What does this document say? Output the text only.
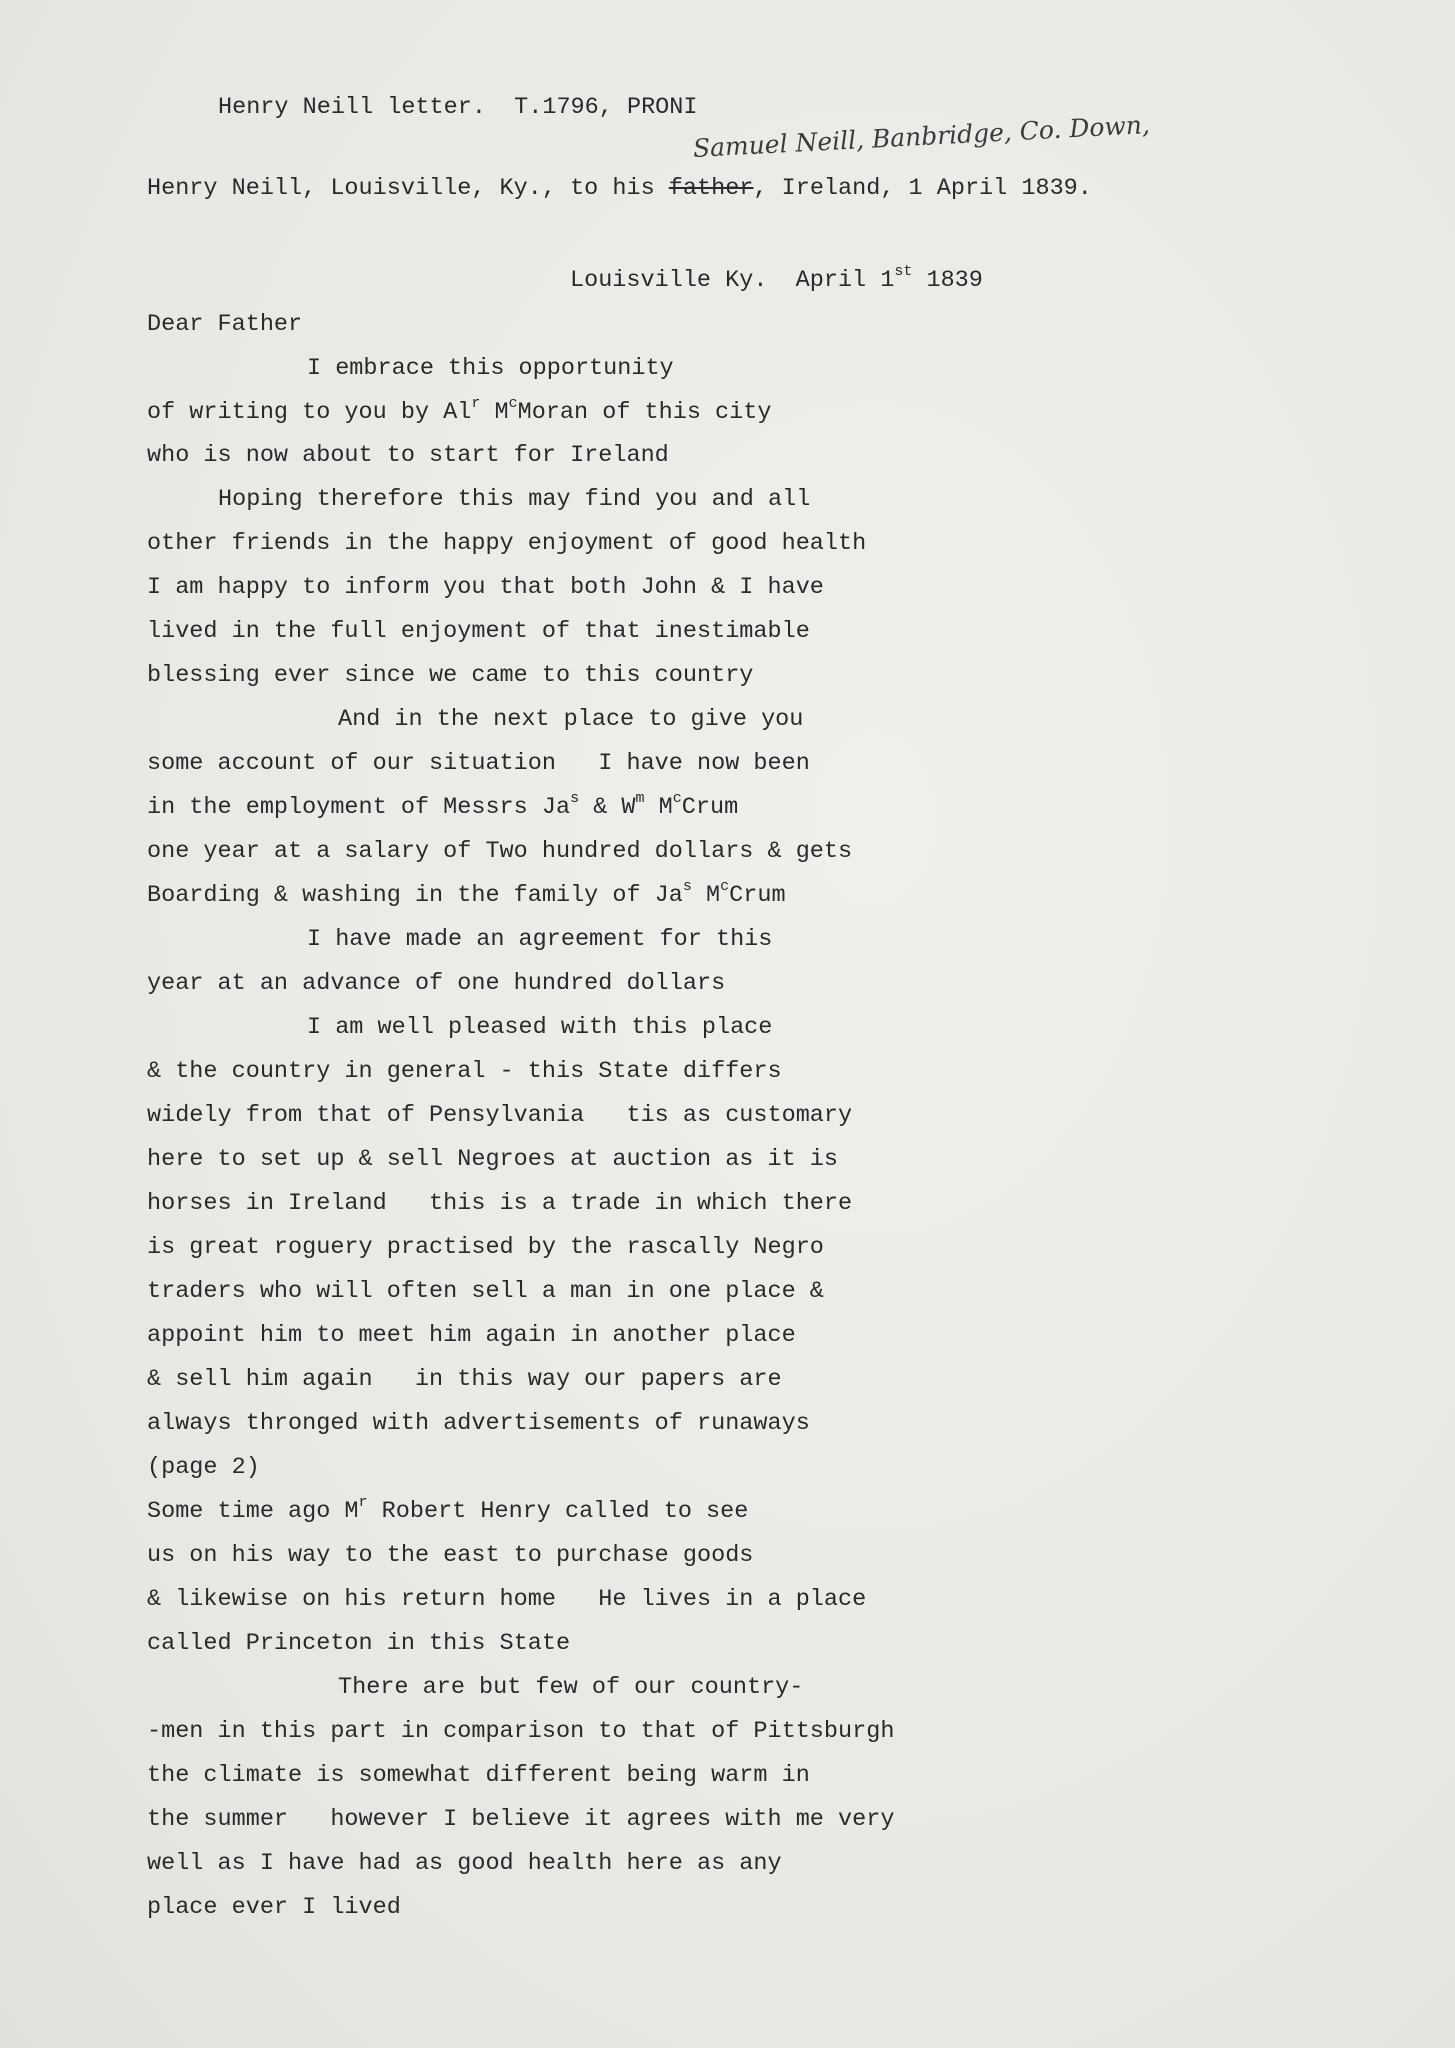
Henry Neill letter.  T.1796, PRONI
Samuel Neill, Banbridge, Co. Down,
Henry Neill, Louisville, Ky., to his father, Ireland, 1 April 1839.
Louisville Ky.  April 1st 1839
Dear Father
I embrace this opportunity
of writing to you by Al$^r$ $M^cMoran$ of this city
who is now about to start for Ireland
Hoping therefore this may find you and all
other friends in the happy enjoyment of good health
I am happy to inform you that both John & I have
lived in the full enjoyment of that inestimable
blessing ever since we came to this country
And in the next place to give you
some account of our situation   I have now been
in the employment of Messrs Ja$^s$ & $W^m$ $M^cCrum$
one year at a salary of Two hundred dollars & gets
Boarding & washing in the family of Ja$^s$ $M^cCrum$
I have made an agreement for this
year at an advance of one hundred dollars
I am well pleased with this place
& the country in general - this State differs
widely from that of Pensylvania   tis as customary
here to set up & sell Negroes at auction as it is
horses in Ireland   this is a trade in which there
is great roguery practised by the rascally Negro
traders who will often sell a man in one place &
appoint him to meet him again in another place
& sell him again   in this way our papers are
always thronged with advertisements of runaways
(page 2)
Some time ago $M^r$ Robert Henry called to see
us on his way to the east to purchase goods
& likewise on his return home   He lives in a place
called Princeton in this State
There are but few of our country-
-men in this part in comparison to that of Pittsburgh
the climate is somewhat different being warm in
the summer   however I believe it agrees with me very
well as I have had as good health here as any
place ever I lived
